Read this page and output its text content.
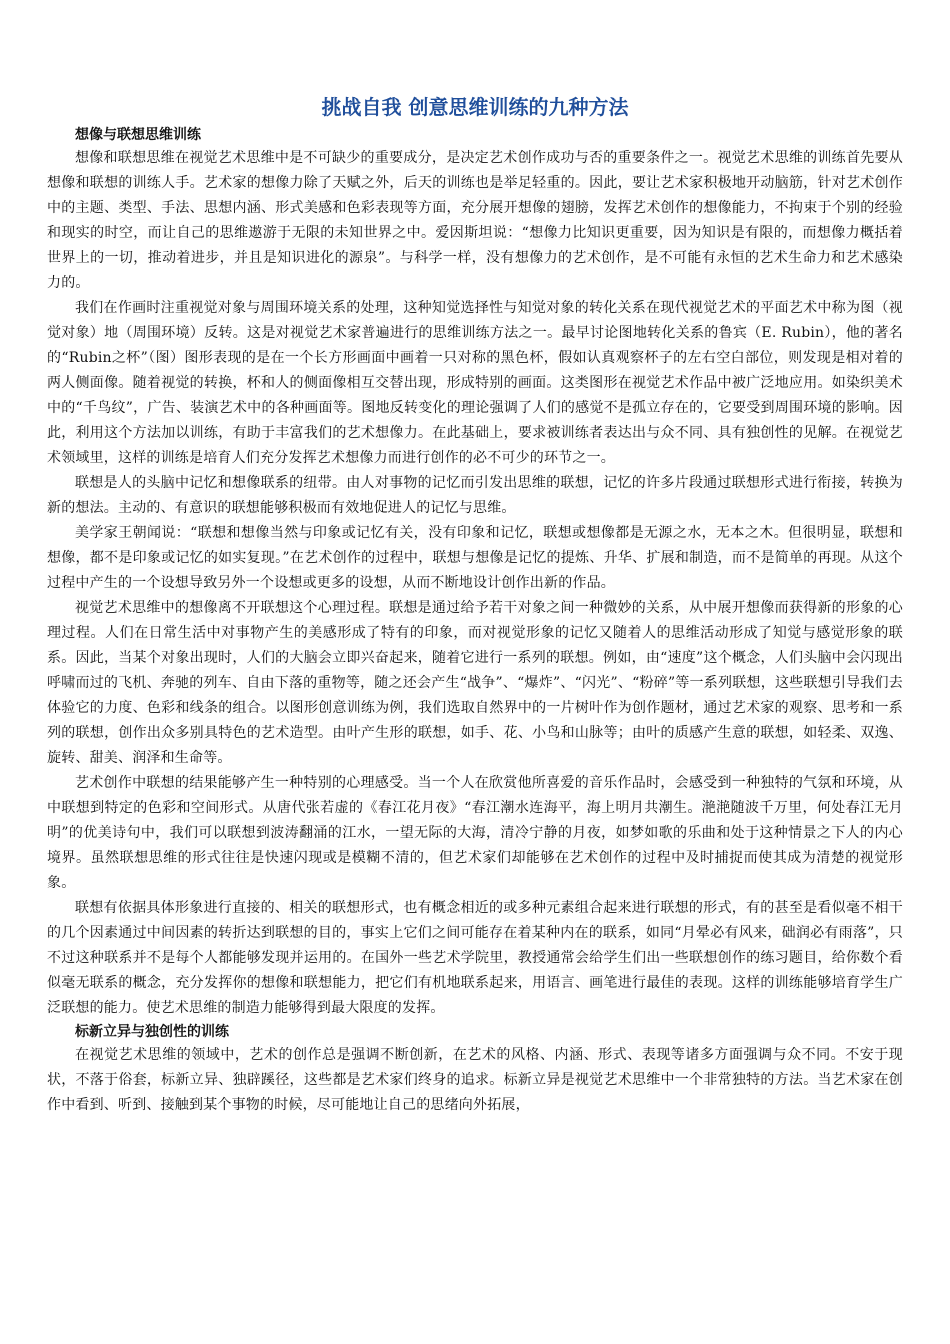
挑战自我 创意思维训练的九种方法
想像与联想思维训练

想像和联想思维在视觉艺术思维中是不可缺少的重要成分，是决定艺术创作成功与否的重要条件之一。视觉艺术思维的训练首先要从想像和联想的训练人手。艺术家的想像力除了天赋之外，后天的训练也是举足轻重的。因此，要让艺术家积极地开动脑筋，针对艺术创作中的主题、类型、手法、思想内涵、形式美感和色彩表现等方面，充分展开想像的翅膀，发挥艺术创作的想像能力，不拘束于个别的经验和现实的时空，而让自己的思维遨游于无限的未知世界之中。爱因斯坦说：“想像力比知识更重要，因为知识是有限的，而想像力概括着世界上的一切，推动着进步，并且是知识进化的源泉”。与科学一样，没有想像力的艺术创作，是不可能有永恒的艺术生命力和艺术感染力的。

我们在作画时注重视觉对象与周围环境关系的处理，这种知觉选择性与知觉对象的转化关系在现代视觉艺术的平面艺术中称为图（视觉对象）地（周围环境）反转。这是对视觉艺术家普遍进行的思维训练方法之一。最早讨论图地转化关系的鲁宾（E. Rubin），他的著名的“Rubin之杯”（图）图形表现的是在一个长方形画面中画着一只对称的黑色杯，假如认真观察杯子的左右空白部位，则发现是相对着的两人侧面像。随着视觉的转换，杯和人的侧面像相互交替出现，形成特别的画面。这类图形在视觉艺术作品中被广泛地应用。如染织美术中的“千鸟纹”，广告、装演艺术中的各种画面等。图地反转变化的理论强调了人们的感觉不是孤立存在的，它要受到周围环境的影响。因此，利用这个方法加以训练，有助于丰富我们的艺术想像力。在此基础上，要求被训练者表达出与众不同、具有独创性的见解。在视觉艺术领域里，这样的训练是培育人们充分发挥艺术想像力而进行创作的必不可少的环节之一。

联想是人的头脑中记忆和想像联系的纽带。由人对事物的记忆而引发出思维的联想，记忆的许多片段通过联想形式进行衔接，转换为新的想法。主动的、有意识的联想能够积极而有效地促进人的记忆与思维。

美学家王朝闻说：“联想和想像当然与印象或记忆有关，没有印象和记忆，联想或想像都是无源之水，无本之木。但很明显，联想和想像，都不是印象或记忆的如实复现。”在艺术创作的过程中，联想与想像是记忆的提炼、升华、扩展和制造，而不是简单的再现。从这个过程中产生的一个设想导致另外一个设想或更多的设想，从而不断地设计创作出新的作品。

视觉艺术思维中的想像离不开联想这个心理过程。联想是通过给予若干对象之间一种微妙的关系，从中展开想像而获得新的形象的心理过程。人们在日常生活中对事物产生的美感形成了特有的印象，而对视觉形象的记忆又随着人的思维活动形成了知觉与感觉形象的联系。因此，当某个对象出现时，人们的大脑会立即兴奋起来，随着它进行一系列的联想。例如，由“速度”这个概念，人们头脑中会闪现出呼啸而过的飞机、奔驰的列车、自由下落的重物等，随之还会产生“战争”、“爆炸”、“闪光”、“粉碎”等一系列联想，这些联想引导我们去体验它的力度、色彩和线条的组合。以图形创意训练为例，我们选取自然界中的一片树叶作为创作题材，通过艺术家的观察、思考和一系列的联想，创作出众多别具特色的艺术造型。由叶产生形的联想，如手、花、小鸟和山脉等；由叶的质感产生意的联想，如轻柔、双逸、旋转、甜美、润泽和生命等。

艺术创作中联想的结果能够产生一种特别的心理感受。当一个人在欣赏他所喜爱的音乐作品时，会感受到一种独特的气氛和环境，从中联想到特定的色彩和空间形式。从唐代张若虚的《春江花月夜》“春江潮水连海平，海上明月共潮生。滟滟随波千万里，何处春江无月明”的优美诗句中，我们可以联想到波涛翻涌的江水，一望无际的大海，清冷宁静的月夜，如梦如歌的乐曲和处于这种情景之下人的内心境界。虽然联想思维的形式往往是快速闪现或是模糊不清的，但艺术家们却能够在艺术创作的过程中及时捕捉而使其成为清楚的视觉形象。

联想有依据具体形象进行直接的、相关的联想形式，也有概念相近的或多种元素组合起来进行联想的形式，有的甚至是看似毫不相干的几个因素通过中间因素的转折达到联想的目的，事实上它们之间可能存在着某种内在的联系，如同“月晕必有风来，础润必有雨落”，只不过这种联系并不是每个人都能够发现并运用的。在国外一些艺术学院里，教授通常会给学生们出一些联想创作的练习题目，给你数个看似毫无联系的概念，充分发挥你的想像和联想能力，把它们有机地联系起来，用语言、画笔进行最佳的表现。这样的训练能够培育学生广泛联想的能力。使艺术思维的制造力能够得到最大限度的发挥。

标新立异与独创性的训练

在视觉艺术思维的领域中，艺术的创作总是强调不断创新，在艺术的风格、内涵、形式、表现等诸多方面强调与众不同。不安于现状，不落于俗套，标新立异、独辟蹊径，这些都是艺术家们终身的追求。标新立异是视觉艺术思维中一个非常独特的方法。当艺术家在创作中看到、听到、接触到某个事物的时候，尽可能地让自己的思绪向外拓展，
